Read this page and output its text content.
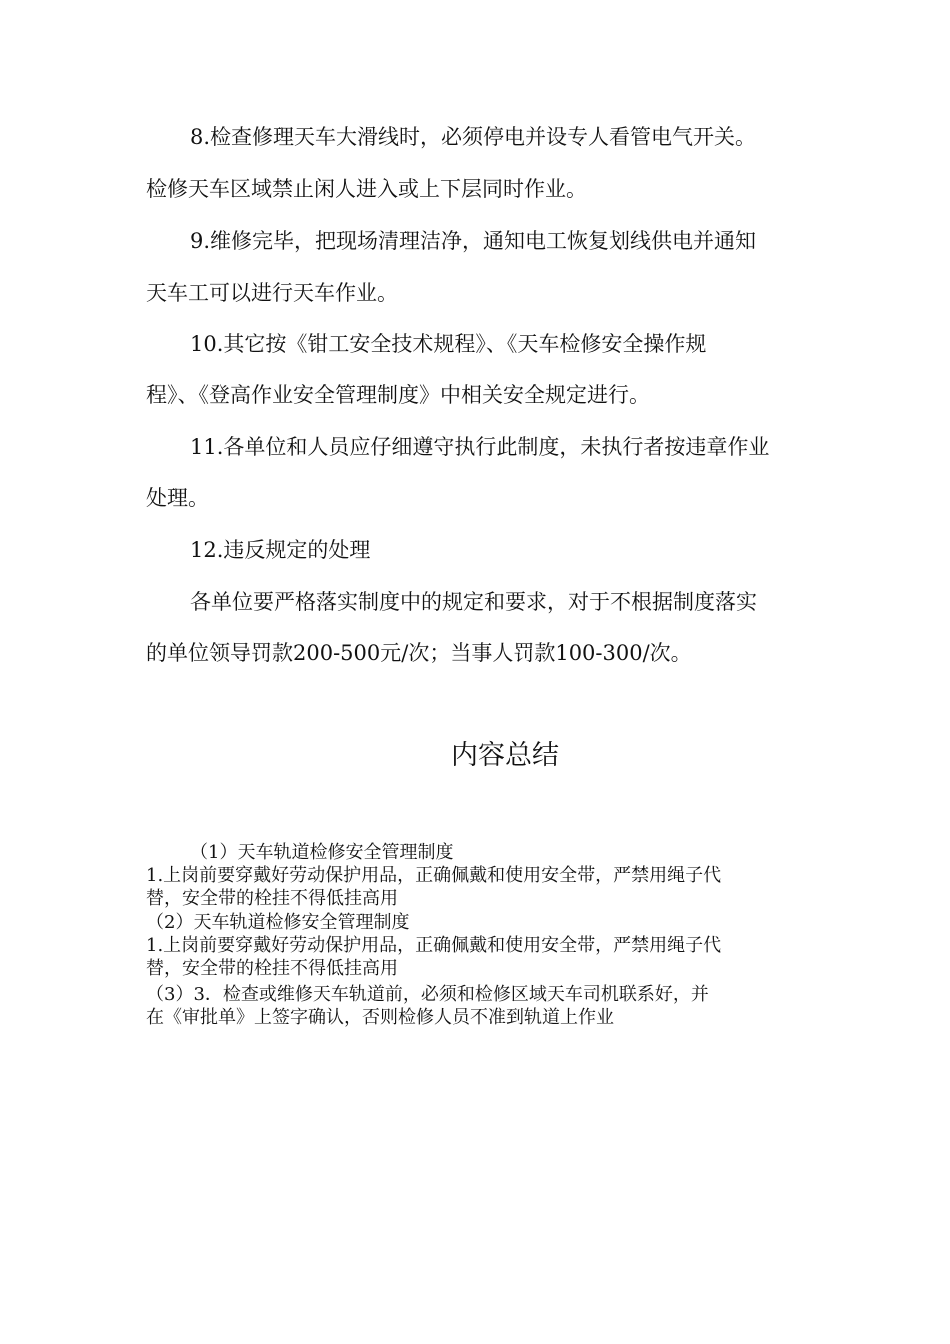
8.检查修理天车大滑线时，必须停电并设专人看管电气开关。
检修天车区域禁止闲人进入或上下层同时作业。
9.维修完毕，把现场清理洁净，通知电工恢复划线供电并通知
天车工可以进行天车作业。
10.其它按《钳工安全技术规程》、《天车检修安全操作规
程》、《登高作业安全管理制度》中相关安全规定进行。
11.各单位和人员应仔细遵守执行此制度，未执行者按违章作业
处理。
12.违反规定的处理
各单位要严格落实制度中的规定和要求，对于不根据制度落实
的单位领导罚款200-500元/次；当事人罚款100-300/次。
内容总结
（1）天车轨道检修安全管理制度
1.上岗前要穿戴好劳动保护用品，正确佩戴和使用安全带，严禁用绳子代
替，安全带的栓挂不得低挂高用
（2）天车轨道检修安全管理制度
1.上岗前要穿戴好劳动保护用品，正确佩戴和使用安全带，严禁用绳子代
替，安全带的栓挂不得低挂高用
（3）3．检查或维修天车轨道前，必须和检修区域天车司机联系好，并
在《审批单》上签字确认，否则检修人员不准到轨道上作业
